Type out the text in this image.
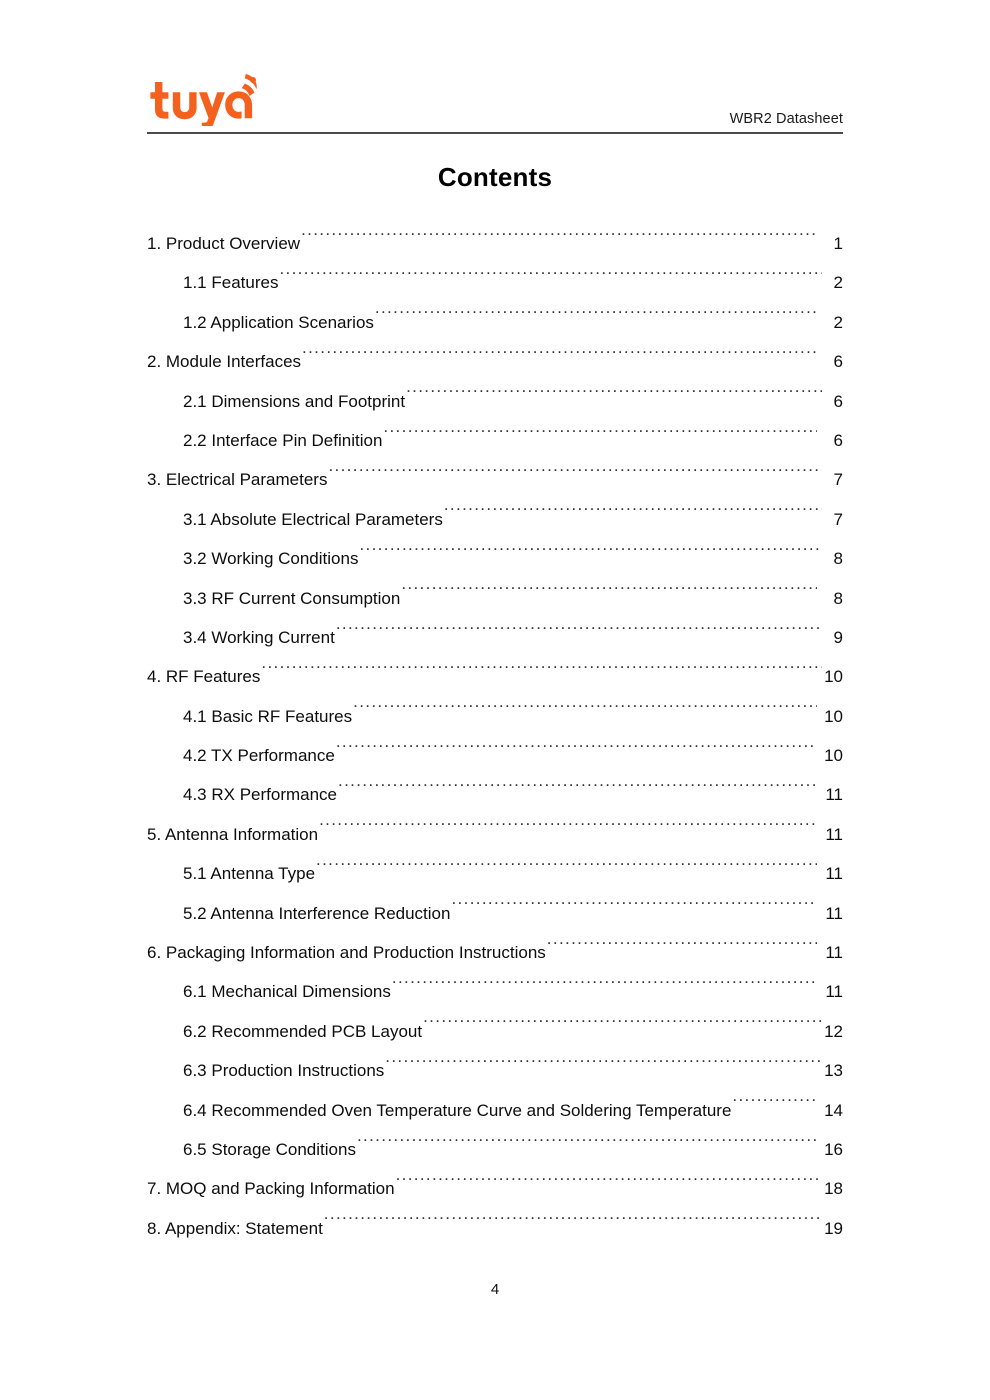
WBR2 Datasheet
Contents
1. Product Overview .....	1
1.1 Features .....	2
1.2 Application Scenarios .....	2
2. Module Interfaces .....	6
2.1 Dimensions and Footprint .....	6
2.2 Interface Pin Definition .....	6
3. Electrical Parameters .....	7
3.1 Absolute Electrical Parameters .....	7
3.2 Working Conditions .....	8
3.3 RF Current Consumption .....	8
3.4 Working Current .....	9
4. RF Features .....	10
4.1 Basic RF Features .....	10
4.2 TX Performance .....	10
4.3 RX Performance .....	11
5. Antenna Information .....	11
5.1 Antenna Type .....	11
5.2 Antenna Interference Reduction .....	11
6. Packaging Information and Production Instructions .....	11
6.1 Mechanical Dimensions .....	11
6.2 Recommended PCB Layout .....	12
6.3 Production Instructions .....	13
6.4 Recommended Oven Temperature Curve and Soldering Temperature .....	14
6.5 Storage Conditions .....	16
7. MOQ and Packing Information .....	18
8. Appendix: Statement .....	19
4
